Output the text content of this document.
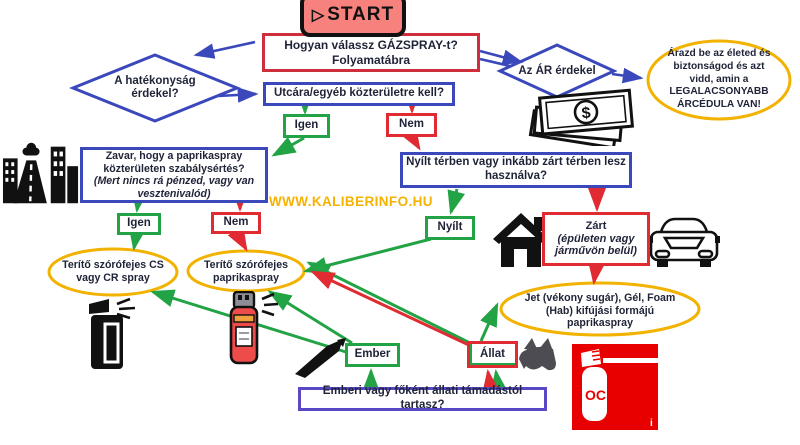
▷ START
Hogyan válassz GÁZSPRAY-t?
Folyamatábra
A hatékonyság
érdekel?
Az ÁR érdekel
Árazd be az életed és
biztonságod és azt
vidd, amin a
LEGALACSONYABB
ÁRCÉDULA VAN!
Utcára/egyéb közterületre kell?
Igen	Nem
Zavar, hogy a paprikaspray
közterületen szabálysértés?
(Mert nincs rá pénzed, vagy van
vesztenivalód)
Igen	Nem
Nyílt térben vagy inkább zárt térben lesz
használva?
Nyílt	Zárt
(épületen vagy
járművön belül)
WWW.KALIBERINFO.HU
Terítő szórófejes CS
vagy CR spray
Terítő szórófejes
paprikaspray
Jet (vékony sugár), Gél, Foam
(Hab) kifújási formájú
paprikaspray
Ember	Állat
Emberi vagy főként állati támadástól tartasz?
$
OC
i
